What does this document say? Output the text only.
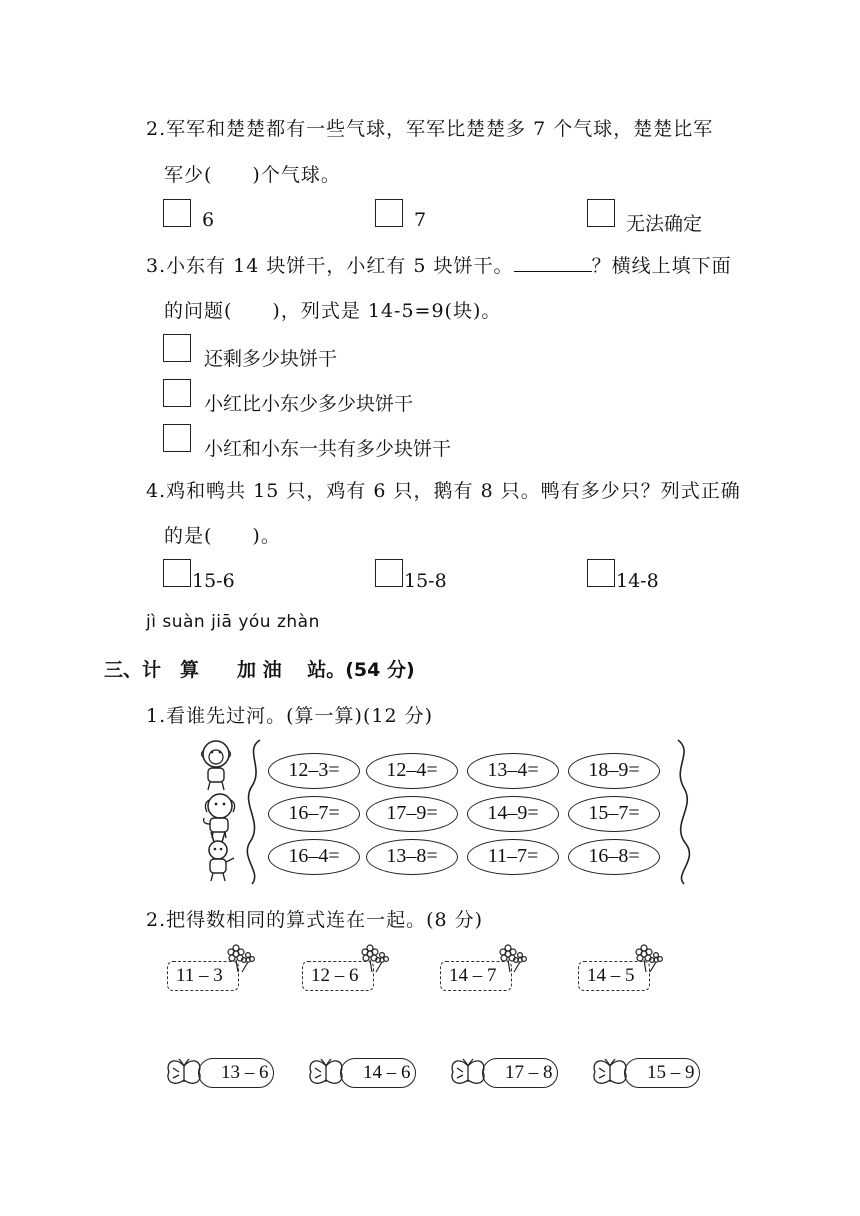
2.军军和楚楚都有一些气球，军军比楚楚多 7 个气球，楚楚比军
军少(　　)个气球。
6	7	无法确定
3.小东有 14 块饼干，小红有 5 块饼干。	？横线上填下面
的问题(　　)，列式是 14-5=9(块)。
还剩多少块饼干
小红比小东少多少块饼干
小红和小东一共有多少块饼干
4.鸡和鸭共 15 只，鸡有 6 只，鹅有 8 只。鸭有多少只？列式正确
的是(　　)。
15-6	15-8	14-8
jì suàn jiā yóu zhàn
三、计　算　　加 油　 站。(54 分)
1.看谁先过河。(算一算)(12 分)
12–3=	12–4=	13–4=	18–9=
16–7=	17–9=	14–9=	15–7=
16–4=	13–8=	11–7=	16–8=
2.把得数相同的算式连在一起。(8 分)
11 – 3	12 – 6	14 – 7	14 – 5
13 – 6	14 – 6	17 – 8	15 – 9
